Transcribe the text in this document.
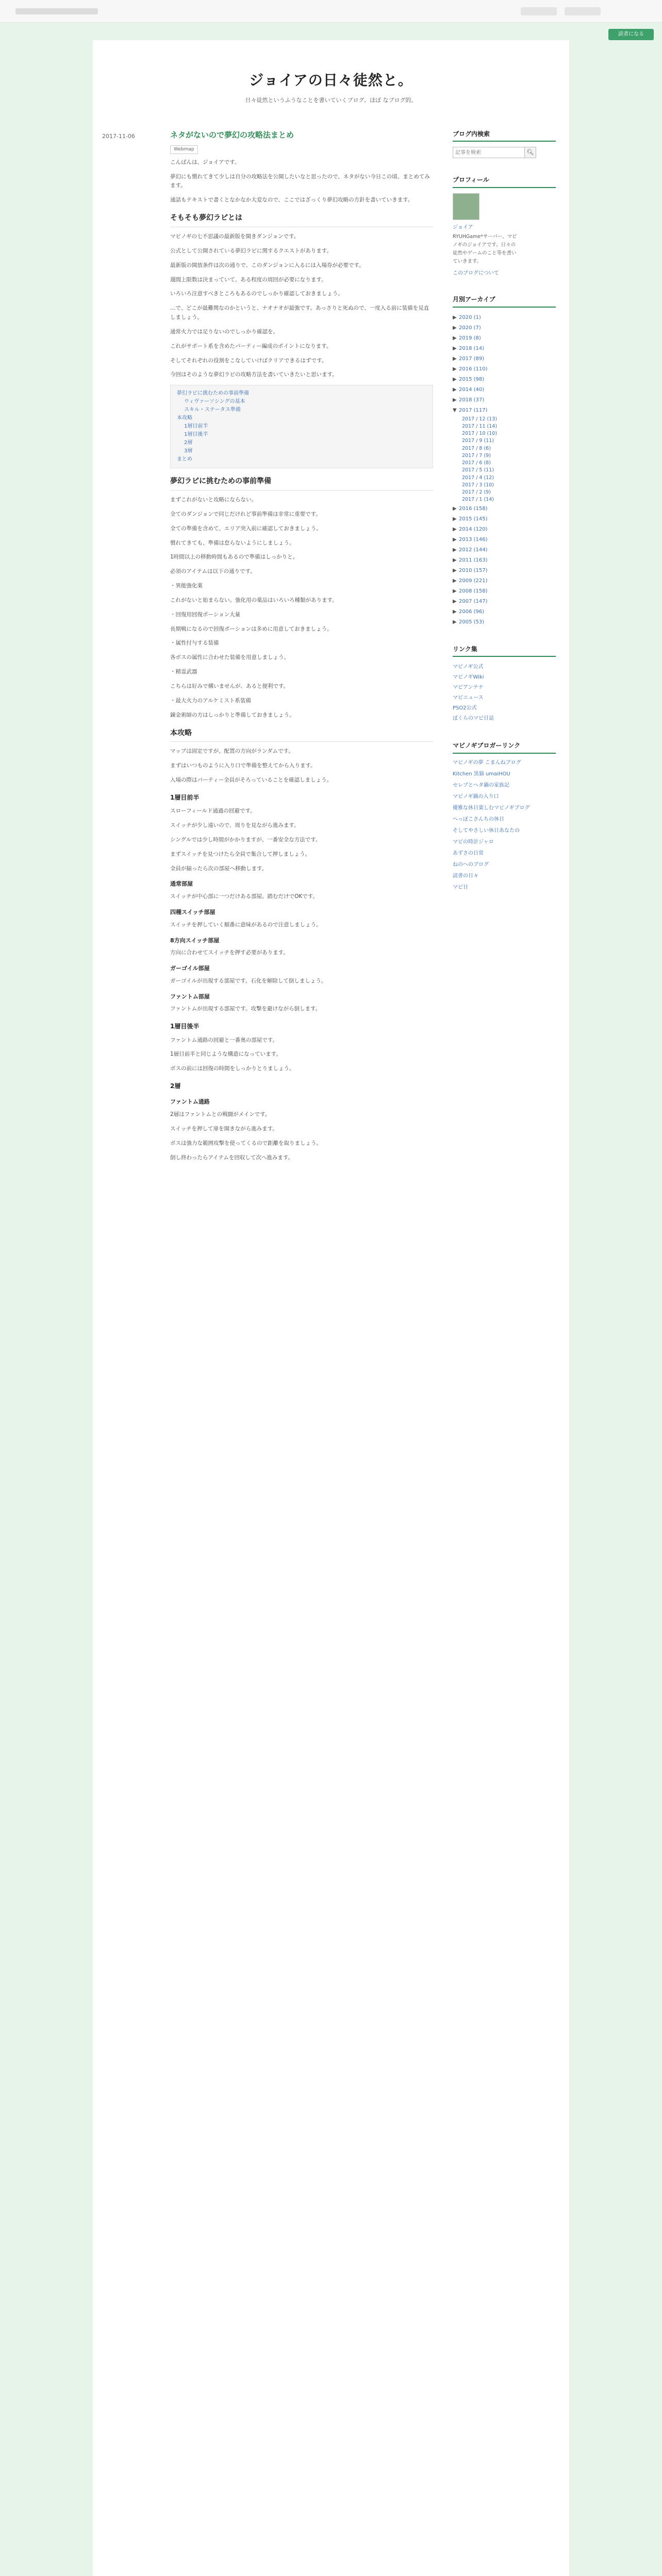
読者になる
ジョイアの日々徒然と。
日々徒然というふうなことを書いていくブログ。ほぼ なブログ的。
2017-11-06	ネタがないので夢幻の攻略法まとめ
Webmap

こんばんは、ジョイアです。

夢幻にも慣れてきて少しは自分の攻略法を公開したいなと思ったので、ネタがない今日この頃、まとめてみます。

通話もテキストで書くとなかなか大変なので、ここではざっくり夢幻攻略の方針を書いていきます。

そもそも夢幻ラピとは

マビノギの七不思議の最新版を開きダンジョンです。

公式として公開されている夢幻ラピに関するクエストがあります。

最新版の開放条件は次の通りで、このダンジョンに入るには入場券が必要です。

週間上限数は決まっていて、ある程度の周回が必要になります。

いろいろ注意すべきところもあるのでしっかり確認しておきましょう。

…で、どこが最難関なのかというと、ナオナオが最強です。あっさりと死ぬので、一度入る前に装備を見直しましょう。

通常火力では足りないのでしっかり確認を。

これがサポート系を含めたパーティー編成のポイントになります。

そしてそれぞれの役割をこなしていけばクリアできるはずです。

今回はそのような夢幻ラピの攻略方法を書いていきたいと思います。

夢幻ラピに挑むための事前準備
ウィヴァーソシングの基本
スキル・ステータス準備
本攻略
1層目前半
1層目後半
2層
3層
まとめ
夢幻ラピに挑むための事前準備

まずこれがないと攻略にならない。

全てのダンジョンで同じだけれど事前準備は非常に重要です。

全ての準備を含めて、エリア突入前に確認しておきましょう。

慣れてきても、準備は怠らないようにしましょう。

1時間以上の移動時間もあるので準備はしっかりと。

必須のアイテムは以下の通りです。

・異能強化薬

これがないと始まらない。強化用の薬品はいろいろ種類があります。

・回復用回復ポーション大量

長期戦になるので回復ポーションは多めに用意しておきましょう。

・属性付与する装備

各ボスの属性に合わせた装備を用意しましょう。

・精霊武器

こちらは好みで構いませんが、あると便利です。

・最大火力のアルケミスト系装備

錬金術師の方はしっかりと準備しておきましょう。

本攻略

マップは固定ですが、配置の方向がランダムです。

まずはいつものように入り口で準備を整えてから入ります。

入場の際はパーティー全員がそろっていることを確認しましょう。

1層目前半

スローフィールド通過の回避です。

スイッチが少し遠いので、周りを見ながら進みます。

シングルでは少し時間がかかりますが、一番安全な方法です。

まずスイッチを見つけたら全員で集合して押しましょう。

全員が揃ったら次の部屋へ移動します。

通常部屋

スイッチが中心部に一つだけある部屋。踏むだけでOKです。

四種スイッチ部屋

スイッチを押していく順番に意味があるので注意しましょう。

8方向スイッチ部屋

方向に合わせてスイッチを押す必要があります。

ガーゴイル部屋

ガーゴイルが出現する部屋です。石化を解除して倒しましょう。

ファントム部屋

ファントムが出現する部屋です。攻撃を避けながら倒します。

1層目後半

ファントム通路の回避と一番奥の部屋です。

1層目前半と同じような構造になっています。

ボスの前には回復の時間をしっかりとりましょう。

2層
ファントム通路

2層はファントムとの戦闘がメインです。

スイッチを押して扉を開きながら進みます。

ボスは強力な範囲攻撃を使ってくるので距離を取りましょう。

倒し終わったらアイテムを回収して次へ進みます。

ブログ内検索
記事を検索
🔍︎
プロフィール
ジョイア
RYUHGame*サーバー、マビノギのジョイアです。日々の徒然やゲームのこと等を書いていきます。
このブログについて
月別アーカイブ
▶ 2020 (1)
▶ 2020 (7)
▶ 2019 (8)
▶ 2018 (14)
▶ 2017 (89)
▶ 2016 (110)
▶ 2015 (98)
▶ 2014 (40)
▶ 2018 (37)
▼ 2017 (117)
2017 / 12 (13)
2017 / 11 (14)
2017 / 10 (10)
2017 / 9 (11)
2017 / 8 (6)
2017 / 7 (9)
2017 / 6 (8)
2017 / 5 (11)
2017 / 4 (12)
2017 / 3 (10)
2017 / 2 (9)
2017 / 1 (14)
▶ 2016 (158)
▶ 2015 (145)
▶ 2014 (120)
▶ 2013 (146)
▶ 2012 (144)
▶ 2011 (163)
▶ 2010 (157)
▶ 2009 (221)
▶ 2008 (158)
▶ 2007 (147)
▶ 2006 (96)
▶ 2005 (53)
リンク集
マビノギ公式
マビノギWiki
マビアンテナ
マビニュース
PSO2公式
ぼくらのマビ日誌
マビノギブロガーリンク
マビノギの夢 こまんねブログ
Kitchen 黒猫 umaiHOU
セレプとヘタ鍋の家族記
マビノギ鍋の入り口
優雅な休日楽しむマビノギブログ
ヘっぽこさんちの休日
そしてやさしい休日あなたの
マビの時計ジャロ
あずさの日常
ねのへのブログ
読書の日々
マビ日
